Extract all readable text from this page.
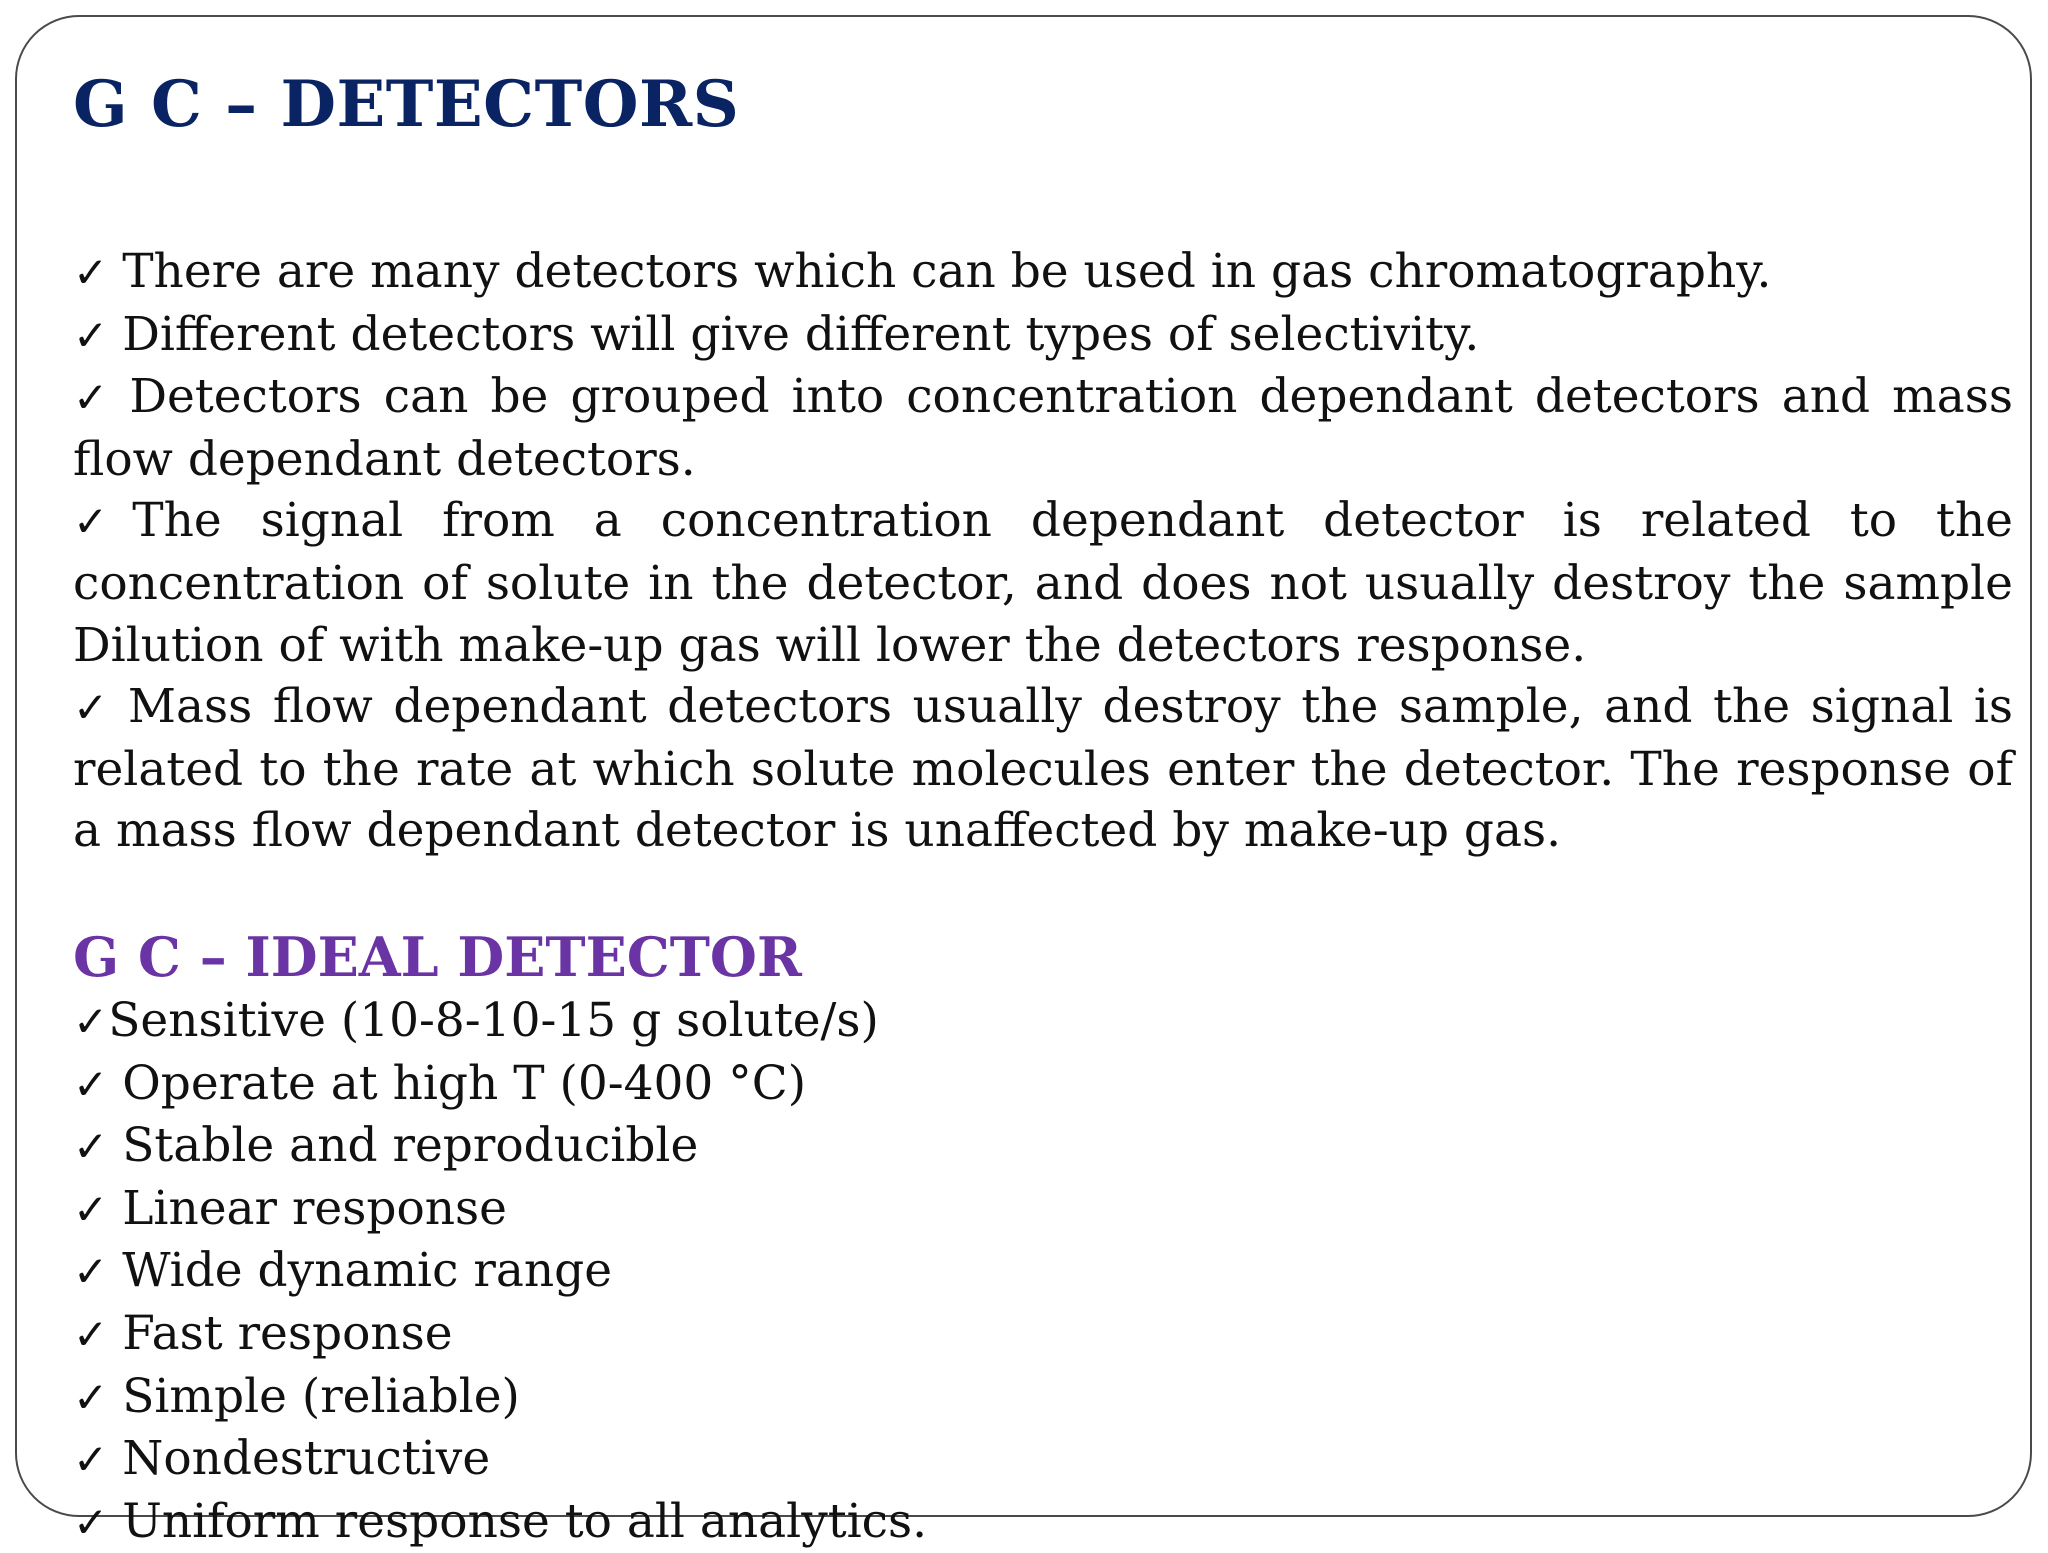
G C – DETECTORS

✓ There are many detectors which can be used in gas chromatography.

✓ Different detectors will give different types of selectivity.

✓ Detectors can be grouped into concentration dependant detectors and mass flow dependant detectors.

✓The signal from a concentration dependant detector is related to the concentration of solute in the detector, and does not usually destroy the sample Dilution of with make-up gas will lower the detectors response.

✓ Mass flow dependant detectors usually destroy the sample, and the signal is related to the rate at which solute molecules enter the detector. The response of a mass flow dependant detector is unaffected by make-up gas.

G C – IDEAL DETECTOR
✓Sensitive (10-8-10-15 g solute/s)
✓ Operate at high T (0-400 °C)
✓ Stable and reproducible
✓ Linear response
✓ Wide dynamic range
✓ Fast response
✓ Simple (reliable)
✓ Nondestructive
✓ Uniform response to all analytics.
